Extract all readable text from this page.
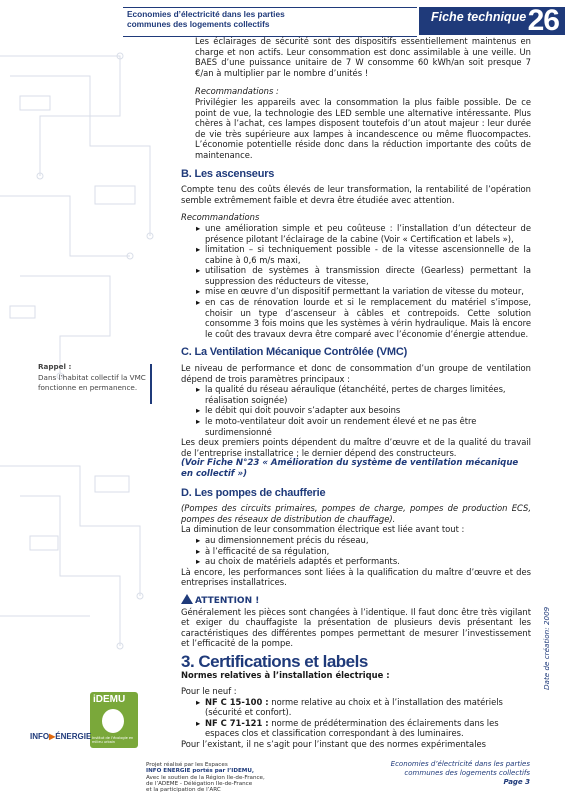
Economies d’électricité dans les parties
communes des logements collectifs	Fiche technique 26
Rappel :
Dans l’habitat collectif la VMC fonctionne en permanence.
Date de création: 2009

Les éclairages de sécurité sont des dispositifs essentiellement maintenus en charge et non actifs. Leur consommation est donc assimilable à une veille. Un BAES d’une puissance unitaire de 7 W consomme 60 kWh/an soit presque 7 €/an à multiplier par le nombre d’unités !

Recommandations :

Privilégier les appareils avec la consommation la plus faible possible. De ce point de vue, la technologie des LED semble une alternative intéressante. Plus chères à l’achat, ces lampes disposent toutefois d’un atout majeur : leur durée de vie très supérieure aux lampes à incandescence ou même fluocompactes. L’économie potentielle réside donc dans la réduction importante des coûts de maintenance.

B. Les ascenseurs

Compte tenu des coûts élevés de leur transformation, la rentabilité de l’opération semble extrêmement faible et devra être étudiée avec attention.

Recommandations

▸ une amélioration simple et peu coûteuse : l’installation d’un détecteur de présence pilotant l’éclairage de la cabine (Voir « Certification et labels »),

▸ limitation – si techniquement possible - de la vitesse ascensionnelle de la cabine à 0,6 m/s maxi,

▸ utilisation de systèmes à transmission directe (Gearless) permettant la suppression des réducteurs de vitesse,

▸ mise en œuvre d’un dispositif permettant la variation de vitesse du moteur,

▸ en cas de rénovation lourde et si le remplacement du matériel s’impose, choisir un type d’ascenseur à câbles et contrepoids. Cette solution consomme 3 fois moins que les systèmes à vérin hydraulique. Mais là encore le coût des travaux devra être comparé avec l’économie d’énergie attendue.

C. La Ventilation Mécanique Contrôlée (VMC)

Le niveau de performance et donc de consommation d’un groupe de ventilation dépend de trois paramètres principaux :

▸ la qualité du réseau aéraulique (étanchéité, pertes de charges limitées, réalisation soignée)

▸ le débit qui doit pouvoir s’adapter aux besoins

▸ le moto-ventilateur doit avoir un rendement élevé et ne pas être surdimensionné

Les deux premiers points dépendent du maître d’œuvre et de la qualité du travail de l’entreprise installatrice ; le dernier dépend des constructeurs.

(Voir Fiche N°23 « Amélioration du système de ventilation mécanique en collectif »)

D. Les pompes de chaufferie

(Pompes des circuits primaires, pompes de charge, pompes de production ECS, pompes des réseaux de distribution de chauffage).

La diminution de leur consommation électrique est liée avant tout :

▸ au dimensionnement précis du réseau,

▸ à l’efficacité de sa régulation,

▸ au choix de matériels adaptés et performants.

Là encore, les performances sont liées à la qualification du maître d’œuvre et des entreprises installatrices.

ATTENTION !

Généralement les pièces sont changées à l’identique. Il faut donc être très vigilant et exiger du chauffagiste la présentation de plusieurs devis présentant les caractéristiques des différentes pompes permettant de mesurer l’investissement et l’efficacité de la pompe.

3. Certifications et labels

Normes relatives à l’installation électrique :

Pour le neuf :

▸ NF C 15-100 : norme relative au choix et à l’installation des matériels (sécurité et confort).

▸ NF C 71-121 : norme de prédétermination des éclairements dans les espaces clos et classification correspondant à des luminaires.

Pour l’existant, il ne s’agit pour l’instant que des normes expérimentales

iDEMU
Institut de l’écologie en milieu urbain
INFO▶ÉNERGIE
Projet réalisé par les Espaces
INFO ENERGIE portés par l’IDEMU,
Avec le soutien de la Région Ile-de-France,
de l’ADEME - Délégation Ile-de-France
et la participation de l’ARC
Economies d’électricité dans les parties
communes des logements collectifs
Page 3
